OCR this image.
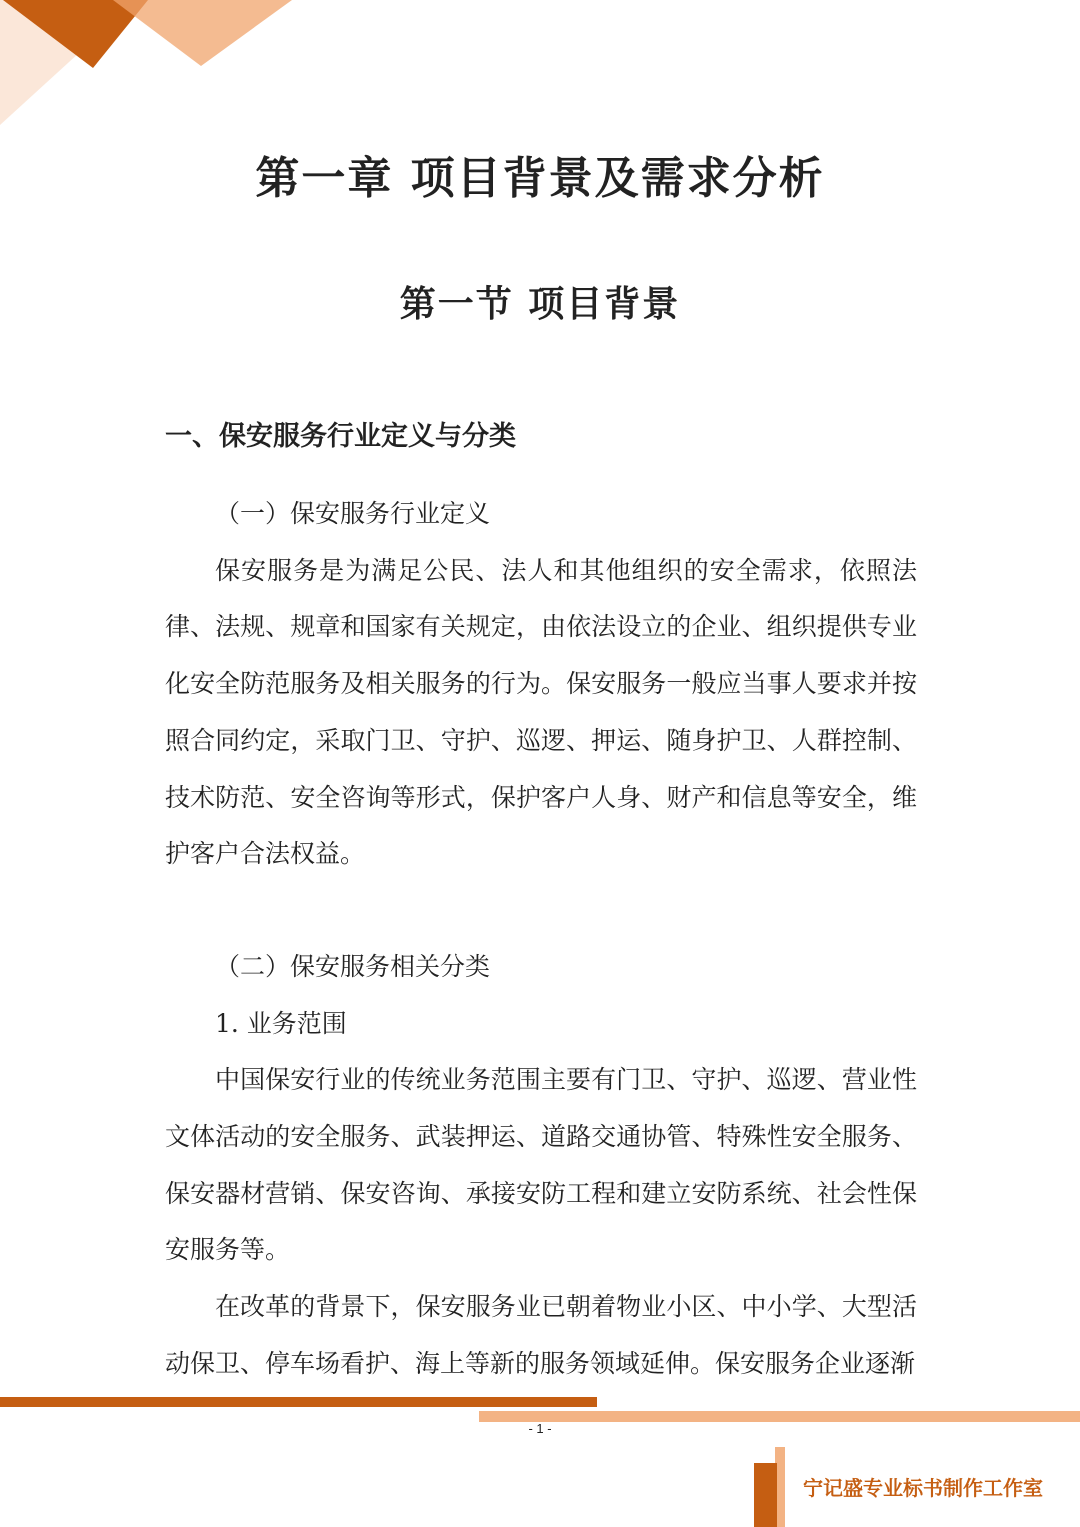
第一章 项目背景及需求分析
第一节 项目背景
一、保安服务行业定义与分类

（一）保安服务行业定义

保安服务是为满足公民、法人和其他组织的安全需求，依照法律、法规、规章和国家有关规定，由依法设立的企业、组织提供专业化安全防范服务及相关服务的行为。保安服务一般应当事人要求并按照合同约定，采取门卫、守护、巡逻、押运、随身护卫、人群控制、技术防范、安全咨询等形式，保护客户人身、财产和信息等安全，维护客户合法权益。

（二）保安服务相关分类

1. 业务范围

中国保安行业的传统业务范围主要有门卫、守护、巡逻、营业性文体活动的安全服务、武装押运、道路交通协管、特殊性安全服务、保安器材营销、保安咨询、承接安防工程和建立安防系统、社会性保安服务等。

在改革的背景下，保安服务业已朝着物业小区、中小学、大型活动保卫、停车场看护、海上等新的服务领域延伸。保安服务企业逐渐

- 1 -
宁记盛专业标书制作工作室
